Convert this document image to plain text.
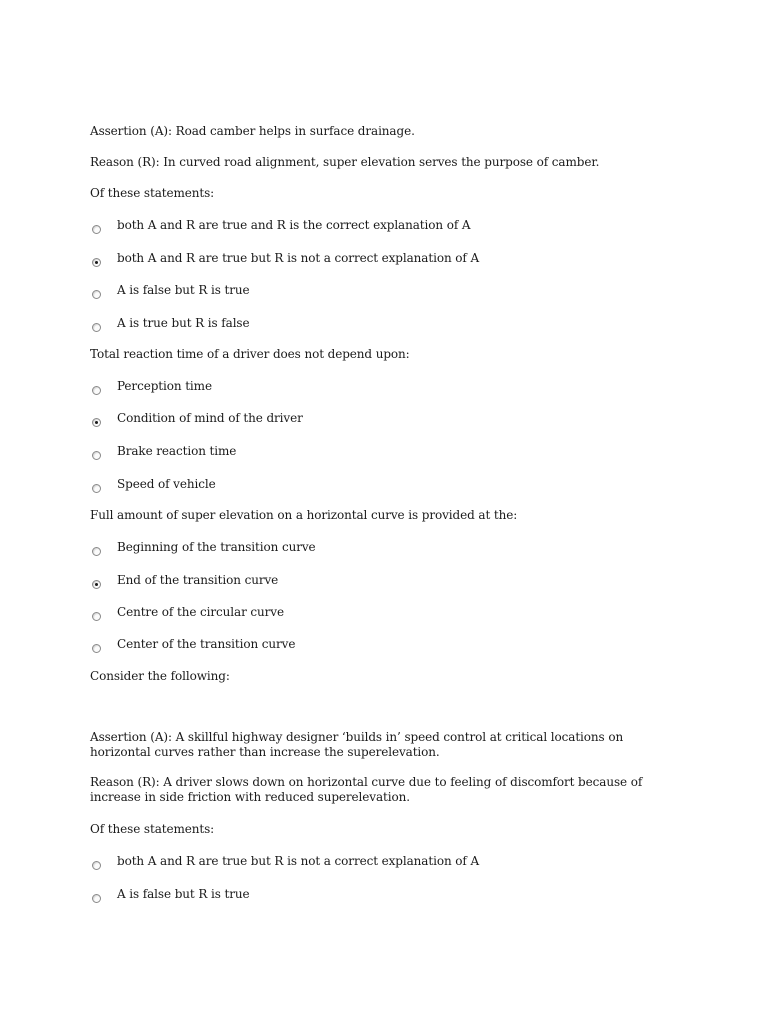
Assertion (A): Road camber helps in surface drainage.
Reason (R): In curved road alignment, super elevation serves the purpose of camber.
Of these statements:
both A and R are true and R is the correct explanation of A
both A and R are true but R is not a correct explanation of A
A is false but R is true
A is true but R is false
Total reaction time of a driver does not depend upon:
Perception time
Condition of mind of the driver
Brake reaction time
Speed of vehicle
Full amount of super elevation on a horizontal curve is provided at the:
Beginning of the transition curve
End of the transition curve
Centre of the circular curve
Center of the transition curve
Consider the following:
Assertion (A): A skillful highway designer ‘builds in’ speed control at critical locations on horizontal curves rather than increase the superelevation.
Reason (R): A driver slows down on horizontal curve due to feeling of discomfort because of increase in side friction with reduced superelevation.
Of these statements:
both A and R are true but R is not a correct explanation of A
A is false but R is true
